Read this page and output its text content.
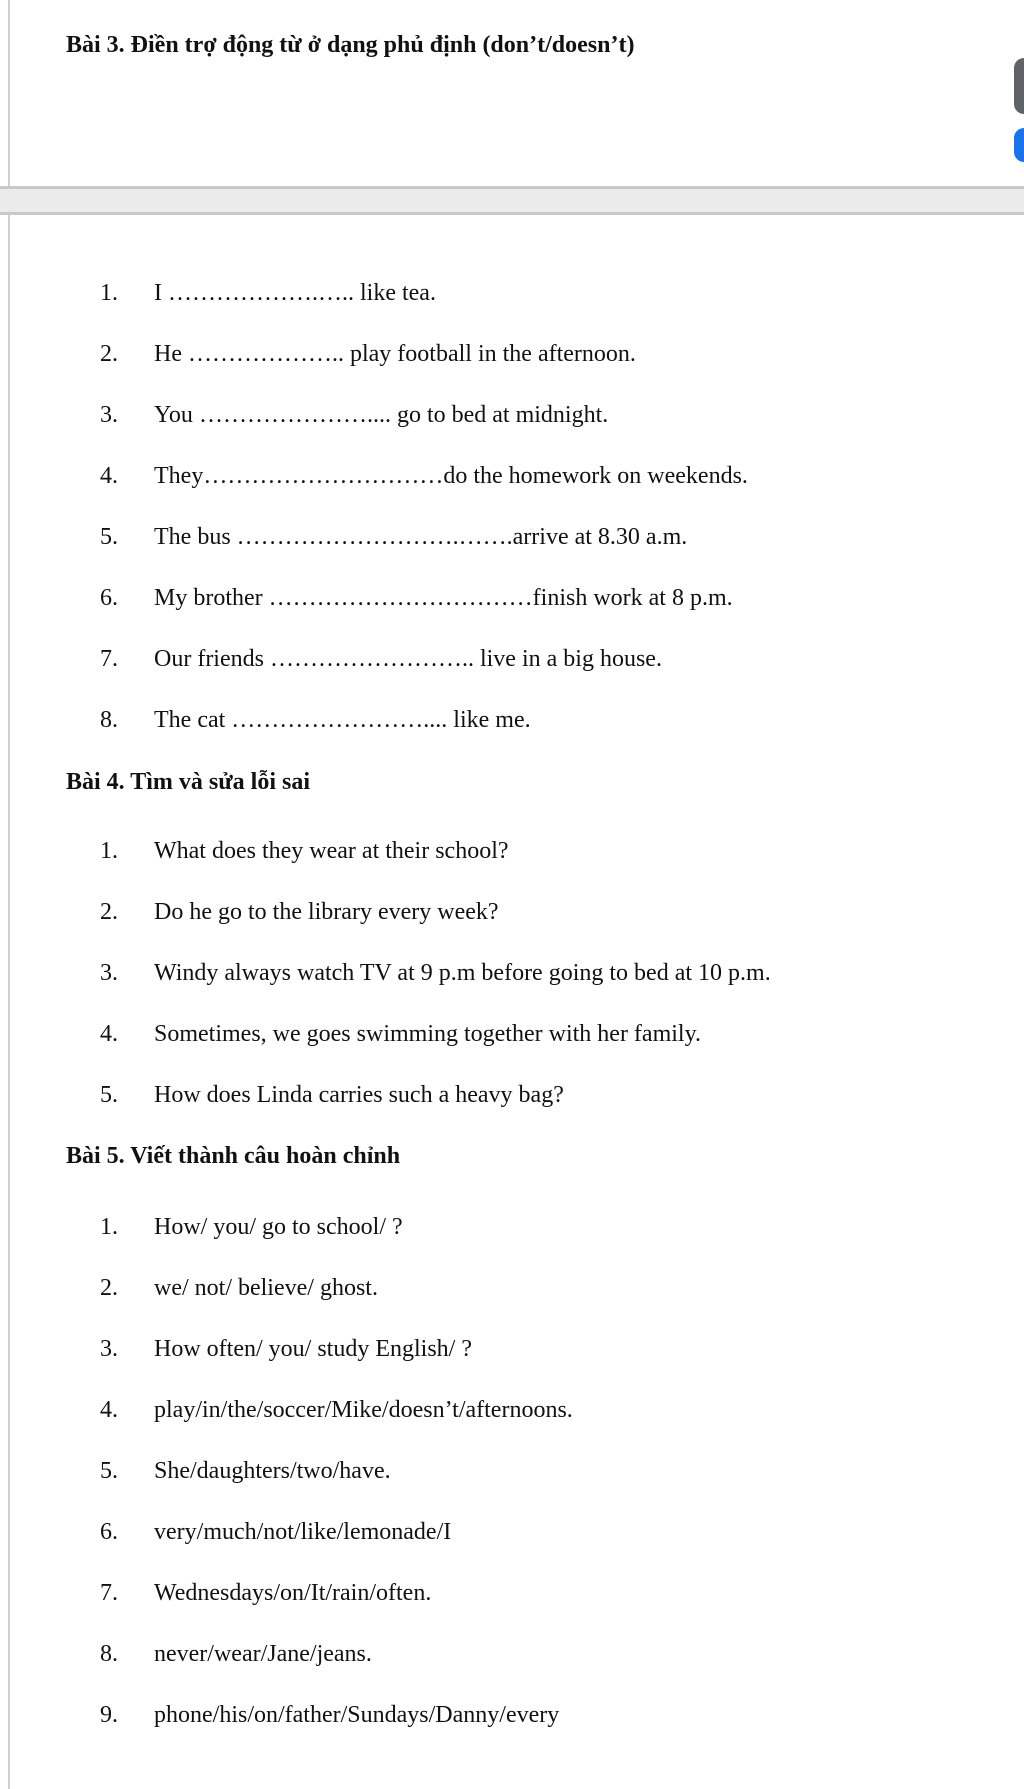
Bài 3. Điền trợ động từ ở dạng phủ định (don’t/doesn’t)
1. I ……………….….. like tea.
2. He ……………….. play football in the afternoon.
3. You ………………….... go to bed at midnight.
4. They…………………………do the homework on weekends.
5. The bus ……………………….…….arrive at 8.30 a.m.
6. My brother ……………………………finish work at 8 p.m.
7. Our friends …………………….. live in a big house.
8. The cat …………………….... like me.
Bài 4. Tìm và sửa lỗi sai
1. What does they wear at their school?
2. Do he go to the library every week?
3. Windy always watch TV at 9 p.m before going to bed at 10 p.m.
4. Sometimes, we goes swimming together with her family.
5. How does Linda carries such a heavy bag?
Bài 5. Viết thành câu hoàn chỉnh
1. How/ you/ go to school/ ?
2. we/ not/ believe/ ghost.
3. How often/ you/ study English/ ?
4. play/in/the/soccer/Mike/doesn’t/afternoons.
5. She/daughters/two/have.
6. very/much/not/like/lemonade/I
7. Wednesdays/on/It/rain/often.
8. never/wear/Jane/jeans.
9. phone/his/on/father/Sundays/Danny/every
